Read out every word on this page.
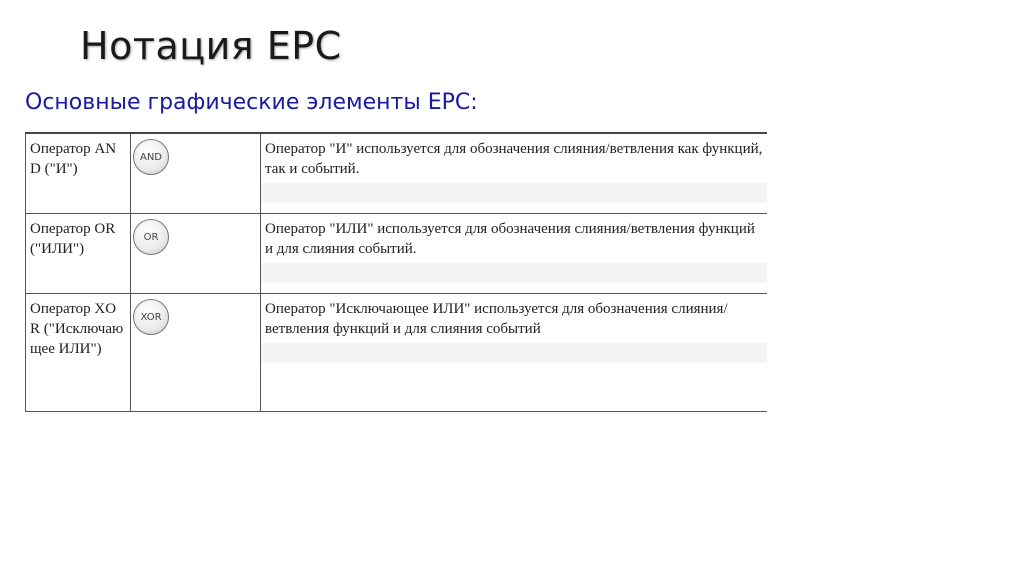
Нотация EPC
Основные графические элементы EPC:
Оператор AND ("И")	AND	Оператор "И" используется для обозначения слияния/ветвления как функций, так и событий.

Оператор OR ("ИЛИ")	OR	Оператор "ИЛИ" используется для обозначения слияния/ветвления функций и для слияния событий.

Оператор XOR ("Исключающее ИЛИ")	XOR	Оператор "Исключающее ИЛИ" используется для обозначения слияния/ветвления функций и для слияния событий
